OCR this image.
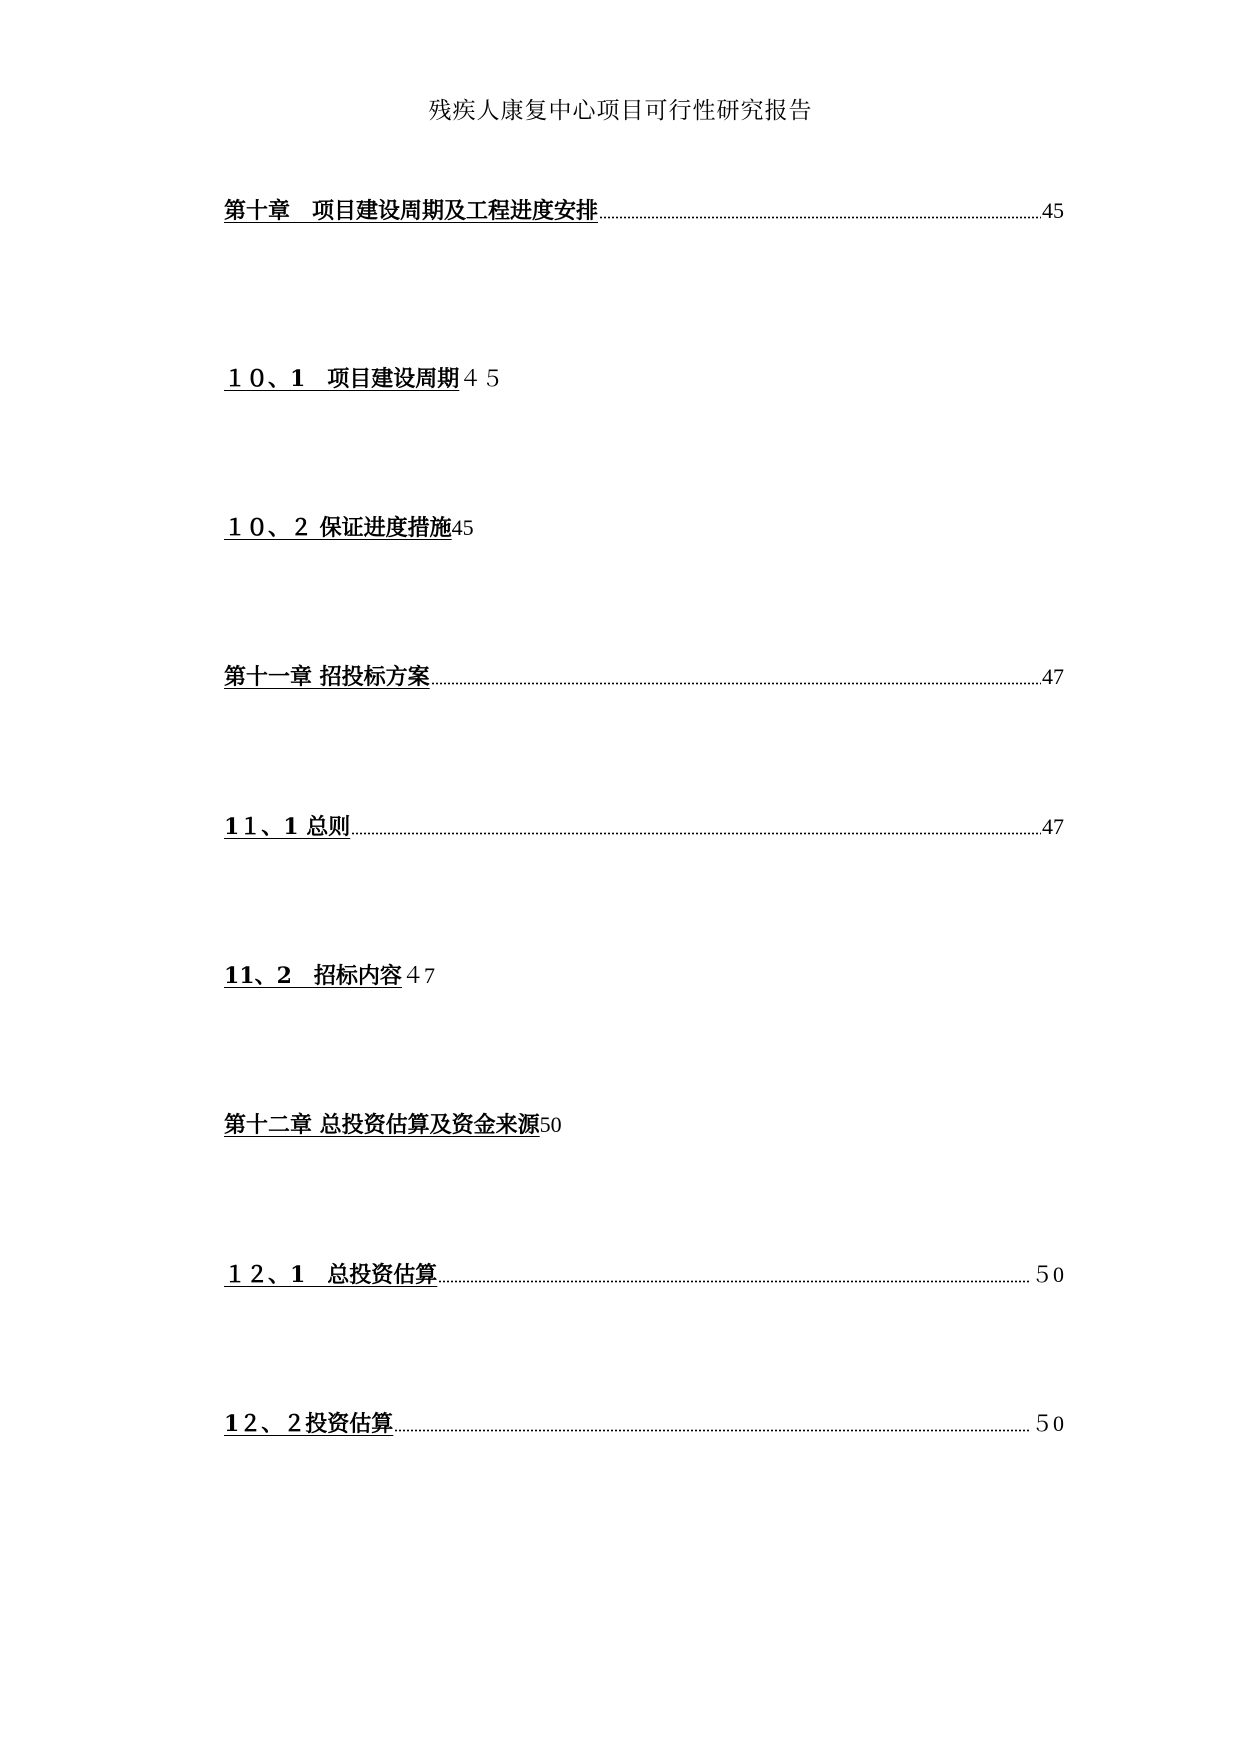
残疾人康复中心项目可行性研究报告
第十章　项目建设周期及工程进度安排	45
１０、1　项目建设周期 ４５
１０、２ 保证进度措施 45
第十一章 招投标方案	47
1１、1 总则	47
11、2　招标内容 ４7
第十二章 总投资估算及资金来源 50
１２、1　总投资估算	５0
1２、２投资估算	５0
